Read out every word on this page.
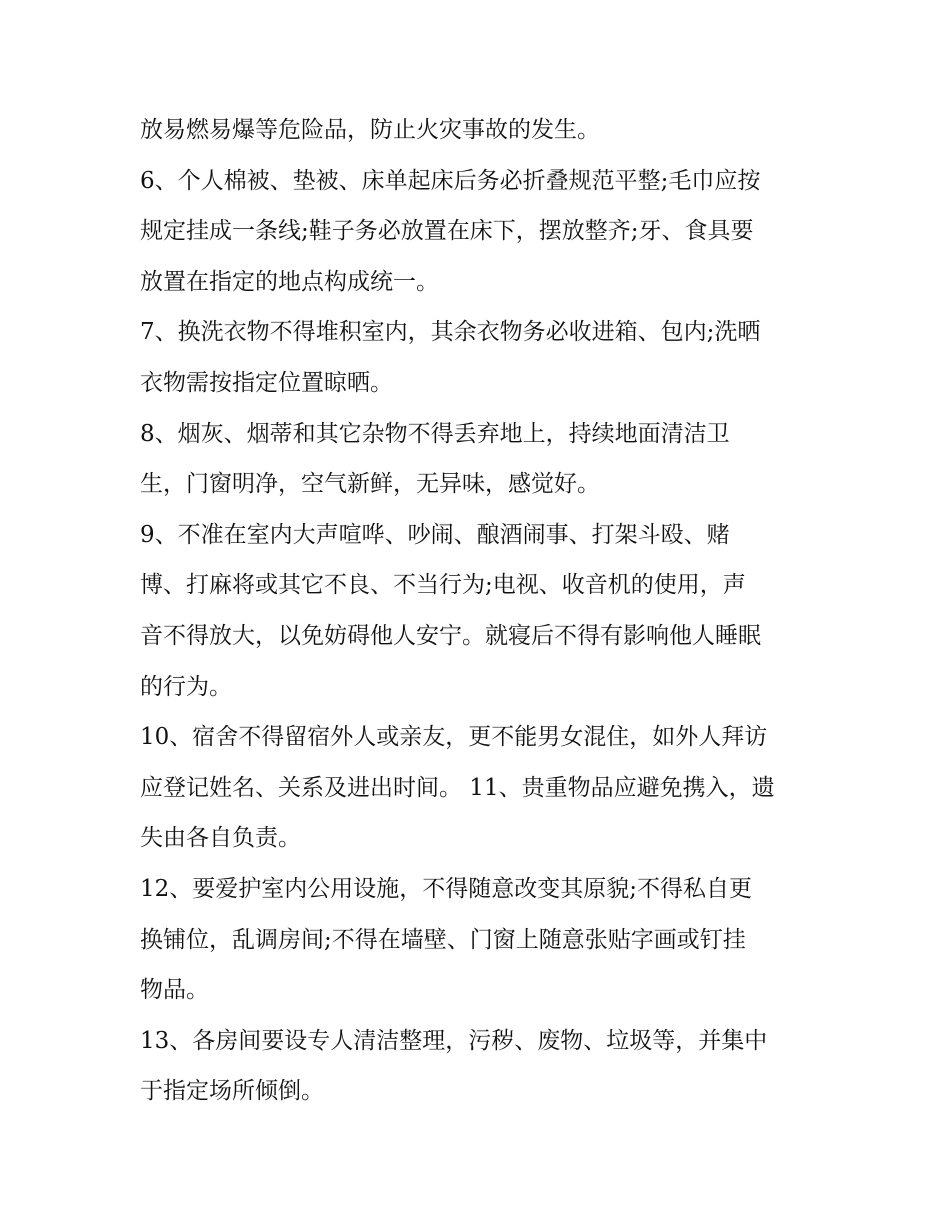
放易燃易爆等危险品，防止火灾事故的发生。
6、个人棉被、垫被、床单起床后务必折叠规范平整;毛巾应按
规定挂成一条线;鞋子务必放置在床下，摆放整齐;牙、食具要
放置在指定的地点构成统一。
7、换洗衣物不得堆积室内，其余衣物务必收进箱、包内;洗晒
衣物需按指定位置晾晒。
8、烟灰、烟蒂和其它杂物不得丢弃地上，持续地面清洁卫
生，门窗明净，空气新鲜，无异味，感觉好。
9、不准在室内大声喧哗、吵闹、酿酒闹事、打架斗殴、赌
博、打麻将或其它不良、不当行为;电视、收音机的使用，声
音不得放大，以免妨碍他人安宁。就寝后不得有影响他人睡眠
的行为。
10、宿舍不得留宿外人或亲友，更不能男女混住，如外人拜访
应登记姓名、关系及进出时间。 11、贵重物品应避免携入，遗
失由各自负责。
12、要爱护室内公用设施，不得随意改变其原貌;不得私自更
换铺位，乱调房间;不得在墙壁、门窗上随意张贴字画或钉挂
物品。
13、各房间要设专人清洁整理，污秽、废物、垃圾等，并集中
于指定场所倾倒。
